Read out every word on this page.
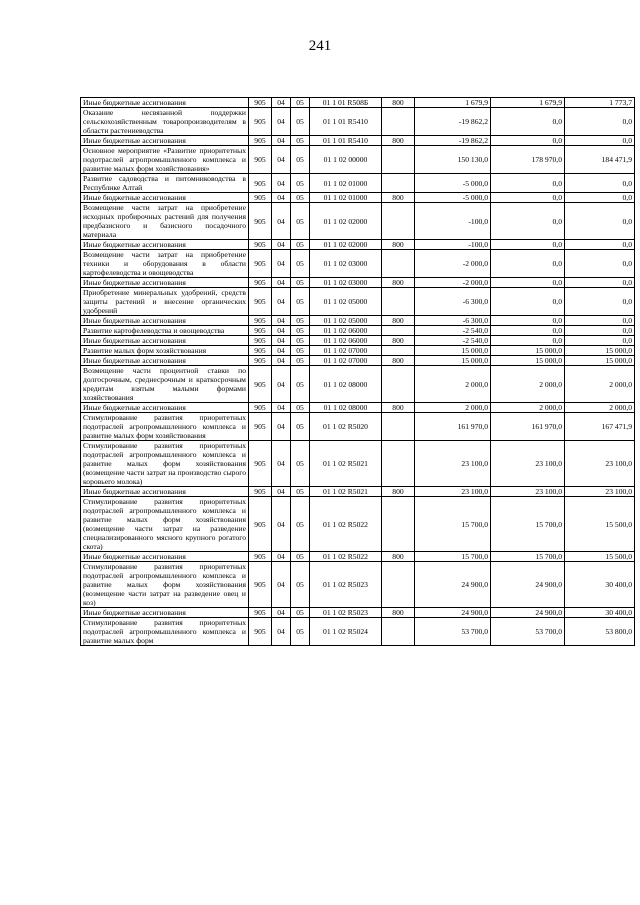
241
Иные бюджетные ассигнования	905	04	05	01 1 01 R508Б	800	1 679,9	1 679,9	1 773,7
Оказание несвязанной поддержки сельскохозяйственным товаропроизводителям в области растениеводства	905	04	05	01 1 01 R5410		-19 862,2	0,0	0,0
Иные бюджетные ассигнования	905	04	05	01 1 01 R5410	800	-19 862,2	0,0	0,0
Основное мероприятие «Развитие приоритетных подотраслей агропромышленного комплекса и развитие малых форм хозяйствования»	905	04	05	01 1 02 00000		150 130,0	178 970,0	184 471,9
Развитие садоводства и питомниководства в Республике Алтай	905	04	05	01 1 02 01000		-5 000,0	0,0	0,0
Иные бюджетные ассигнования	905	04	05	01 1 02 01000	800	-5 000,0	0,0	0,0
Возмещение части затрат на приобретение исходных пробирочных растений для получения предбазисного и базисного посадочного материала	905	04	05	01 1 02 02000		-100,0	0,0	0,0
Иные бюджетные ассигнования	905	04	05	01 1 02 02000	800	-100,0	0,0	0,0
Возмещение части затрат на приобретение техники и оборудования в области картофелеводства и овощеводства	905	04	05	01 1 02 03000		-2 000,0	0,0	0,0
Иные бюджетные ассигнования	905	04	05	01 1 02 03000	800	-2 000,0	0,0	0,0
Приобретение минеральных удобрений, средств защиты растений и внесение органических удобрений	905	04	05	01 1 02 05000		-6 300,0	0,0	0,0
Иные бюджетные ассигнования	905	04	05	01 1 02 05000	800	-6 300,0	0,0	0,0
Развитие картофелеводства и овощеводства	905	04	05	01 1 02 06000		-2 540,0	0,0	0,0
Иные бюджетные ассигнования	905	04	05	01 1 02 06000	800	-2 540,0	0,0	0,0
Развитие малых форм хозяйствования	905	04	05	01 1 02 07000		15 000,0	15 000,0	15 000,0
Иные бюджетные ассигнования	905	04	05	01 1 02 07000	800	15 000,0	15 000,0	15 000,0
Возмещение части процентной ставки по долгосрочным, среднесрочным и краткосрочным кредитам взятым малыми формами хозяйствования	905	04	05	01 1 02 08000		2 000,0	2 000,0	2 000,0
Иные бюджетные ассигнования	905	04	05	01 1 02 08000	800	2 000,0	2 000,0	2 000,0
Стимулирование развития приоритетных подотраслей агропромышленного комплекса и развитие малых форм хозяйствования	905	04	05	01 1 02 R5020		161 970,0	161 970,0	167 471,9
Стимулирование развития приоритетных подотраслей агропромышленного комплекса и развитие малых форм хозяйствования (возмещение части затрат на производство сырого коровьего молока)	905	04	05	01 1 02 R5021		23 100,0	23 100,0	23 100,0
Иные бюджетные ассигнования	905	04	05	01 1 02 R5021	800	23 100,0	23 100,0	23 100,0
Стимулирование развития приоритетных подотраслей агропромышленного комплекса и развитие малых форм хозяйствования (возмещение части затрат на разведение специализированного мясного крупного рогатого скота)	905	04	05	01 1 02 R5022		15 700,0	15 700,0	15 500,0
Иные бюджетные ассигнования	905	04	05	01 1 02 R5022	800	15 700,0	15 700,0	15 500,0
Стимулирование развития приоритетных подотраслей агропромышленного комплекса и развитие малых форм хозяйствования (возмещение части затрат на разведение овец и коз)	905	04	05	01 1 02 R5023		24 900,0	24 900,0	30 400,0
Иные бюджетные ассигнования	905	04	05	01 1 02 R5023	800	24 900,0	24 900,0	30 400,0
Стимулирование развития приоритетных подотраслей агропромышленного комплекса и развитие малых форм	905	04	05	01 1 02 R5024		53 700,0	53 700,0	53 800,0
